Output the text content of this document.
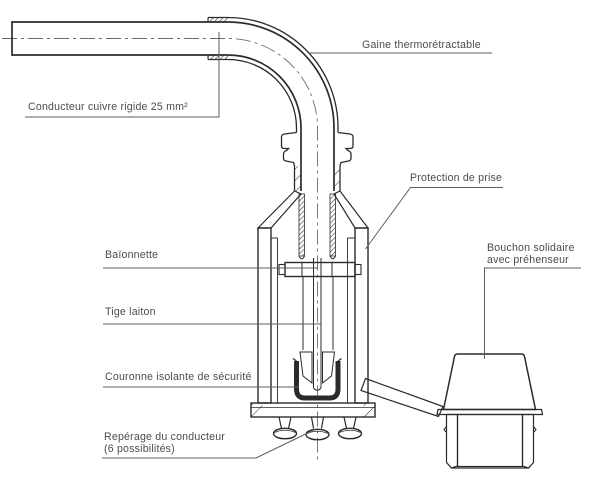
Gaine thermorétractable
Conducteur cuivre rigide 25 mm²
Protection de prise
Baïonnette
Bouchon solidaire
avec préhenseur
Tige laiton
Couronne isolante de sécurité
Repérage du conducteur
(6 possibilités)
